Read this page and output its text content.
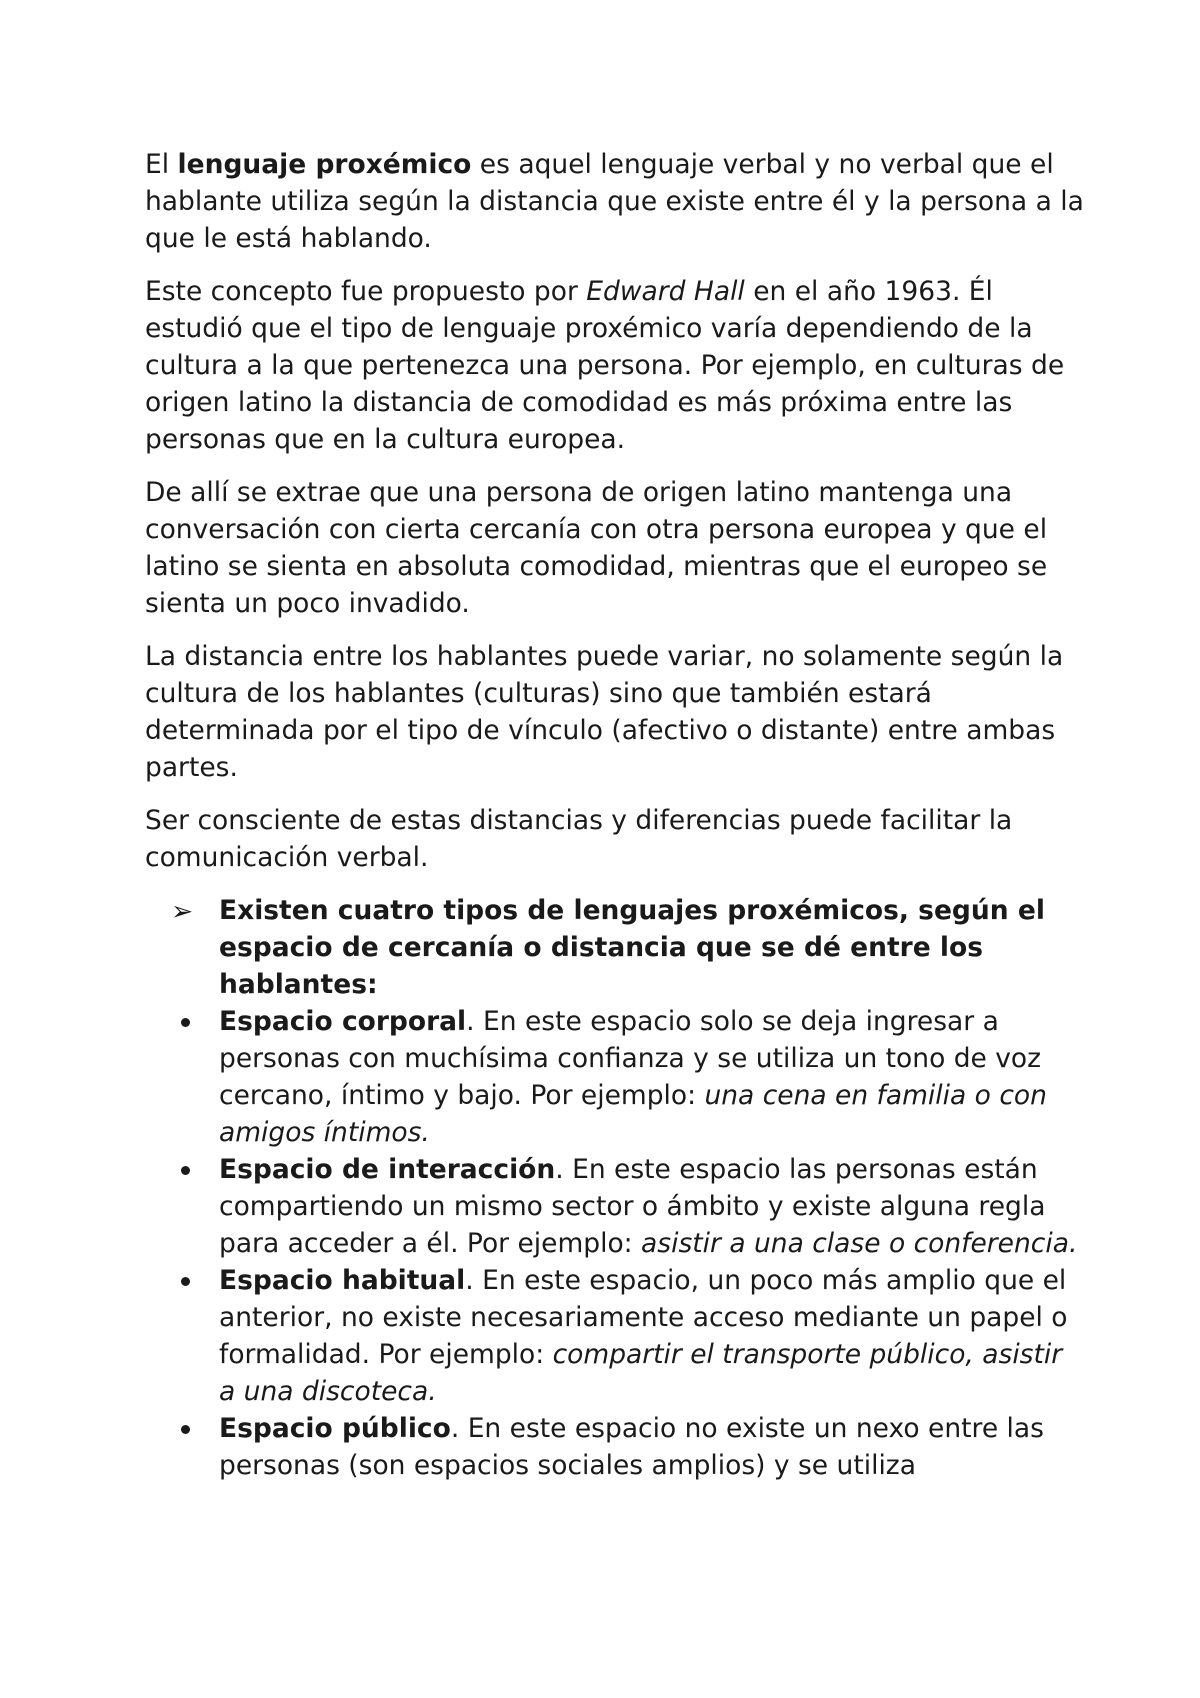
El lenguaje proxémico es aquel lenguaje verbal y no verbal que el hablante utiliza según la distancia que existe entre él y la persona a la que le está hablando.

Este concepto fue propuesto por Edward Hall en el año 1963. Él estudió que el tipo de lenguaje proxémico varía dependiendo de la cultura a la que pertenezca una persona. Por ejemplo, en culturas de origen latino la distancia de comodidad es más próxima entre las personas que en la cultura europea.

De allí se extrae que una persona de origen latino mantenga una conversación con cierta cercanía con otra persona europea y que el latino se sienta en absoluta comodidad, mientras que el europeo se sienta un poco invadido.

La distancia entre los hablantes puede variar, no solamente según la cultura de los hablantes (culturas) sino que también estará determinada por el tipo de vínculo (afectivo o distante) entre ambas partes.

Ser consciente de estas distancias y diferencias puede facilitar la comunicación verbal.

➢ Existen cuatro tipos de lenguajes proxémicos, según el espacio de cercanía o distancia que se dé entre los hablantes:
Espacio corporal. En este espacio solo se deja ingresar a personas con muchísima confianza y se utiliza un tono de voz cercano, íntimo y bajo. Por ejemplo: una cena en familia o con amigos íntimos.
Espacio de interacción. En este espacio las personas están compartiendo un mismo sector o ámbito y existe alguna regla para acceder a él. Por ejemplo: asistir a una clase o conferencia.
Espacio habitual. En este espacio, un poco más amplio que el anterior, no existe necesariamente acceso mediante un papel o formalidad. Por ejemplo: compartir el transporte público, asistir a una discoteca.
Espacio público. En este espacio no existe un nexo entre las personas (son espacios sociales amplios) y se utiliza
